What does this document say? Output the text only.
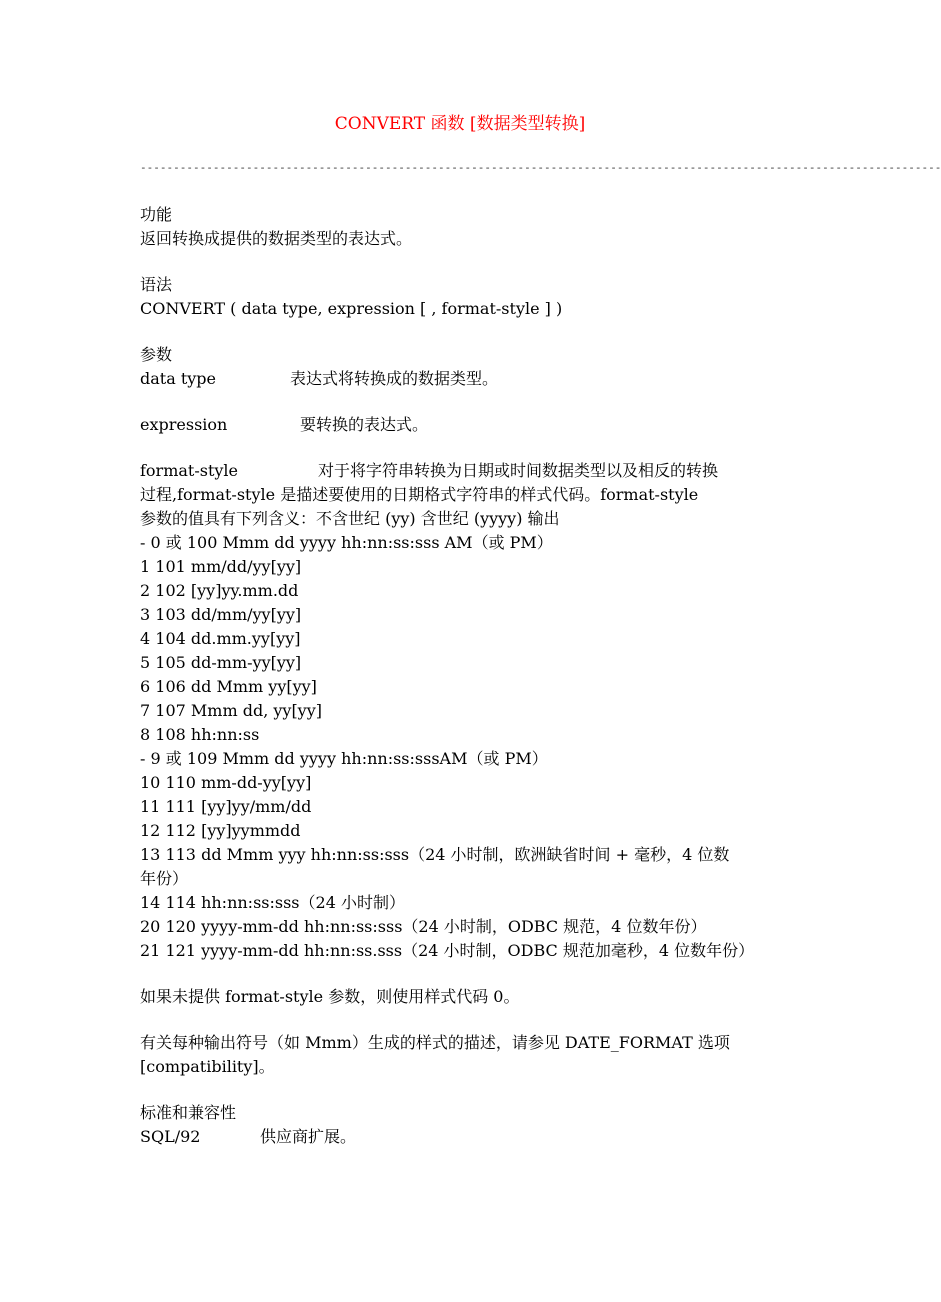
CONVERT 函数 [数据类型转换]
-------------------------------------------------------------------------------------------------------------------------
功能
返回转换成提供的数据类型的表达式。
语法
CONVERT ( data type, expression [ , format-style ] )
参数
data type	表达式将转换成的数据类型。
expression	要转换的表达式。
format-style	对于将字符串转换为日期或时间数据类型以及相反的转换
过程,format-style 是描述要使用的日期格式字符串的样式代码。format-style
参数的值具有下列含义：不含世纪 (yy) 含世纪 (yyyy) 输出
- 0 或 100 Mmm dd yyyy hh:nn:ss:sss AM（或 PM）
1 101 mm/dd/yy[yy]
2 102 [yy]yy.mm.dd
3 103 dd/mm/yy[yy]
4 104 dd.mm.yy[yy]
5 105 dd-mm-yy[yy]
6 106 dd Mmm yy[yy]
7 107 Mmm dd, yy[yy]
8 108 hh:nn:ss
- 9 或 109 Mmm dd yyyy hh:nn:ss:sssAM（或 PM）
10 110 mm-dd-yy[yy]
11 111 [yy]yy/mm/dd
12 112 [yy]yymmdd
13 113 dd Mmm yyy hh:nn:ss:sss（24 小时制，欧洲缺省时间 + 毫秒，4 位数
年份）
14 114 hh:nn:ss:sss（24 小时制）
20 120 yyyy-mm-dd hh:nn:ss:sss（24 小时制，ODBC 规范，4 位数年份）
21 121 yyyy-mm-dd hh:nn:ss.sss（24 小时制，ODBC 规范加毫秒，4 位数年份）
如果未提供 format-style 参数，则使用样式代码 0。
有关每种输出符号（如 Mmm）生成的样式的描述，请参见 DATE_FORMAT 选项
[compatibility]。
标准和兼容性
SQL/92	供应商扩展。
